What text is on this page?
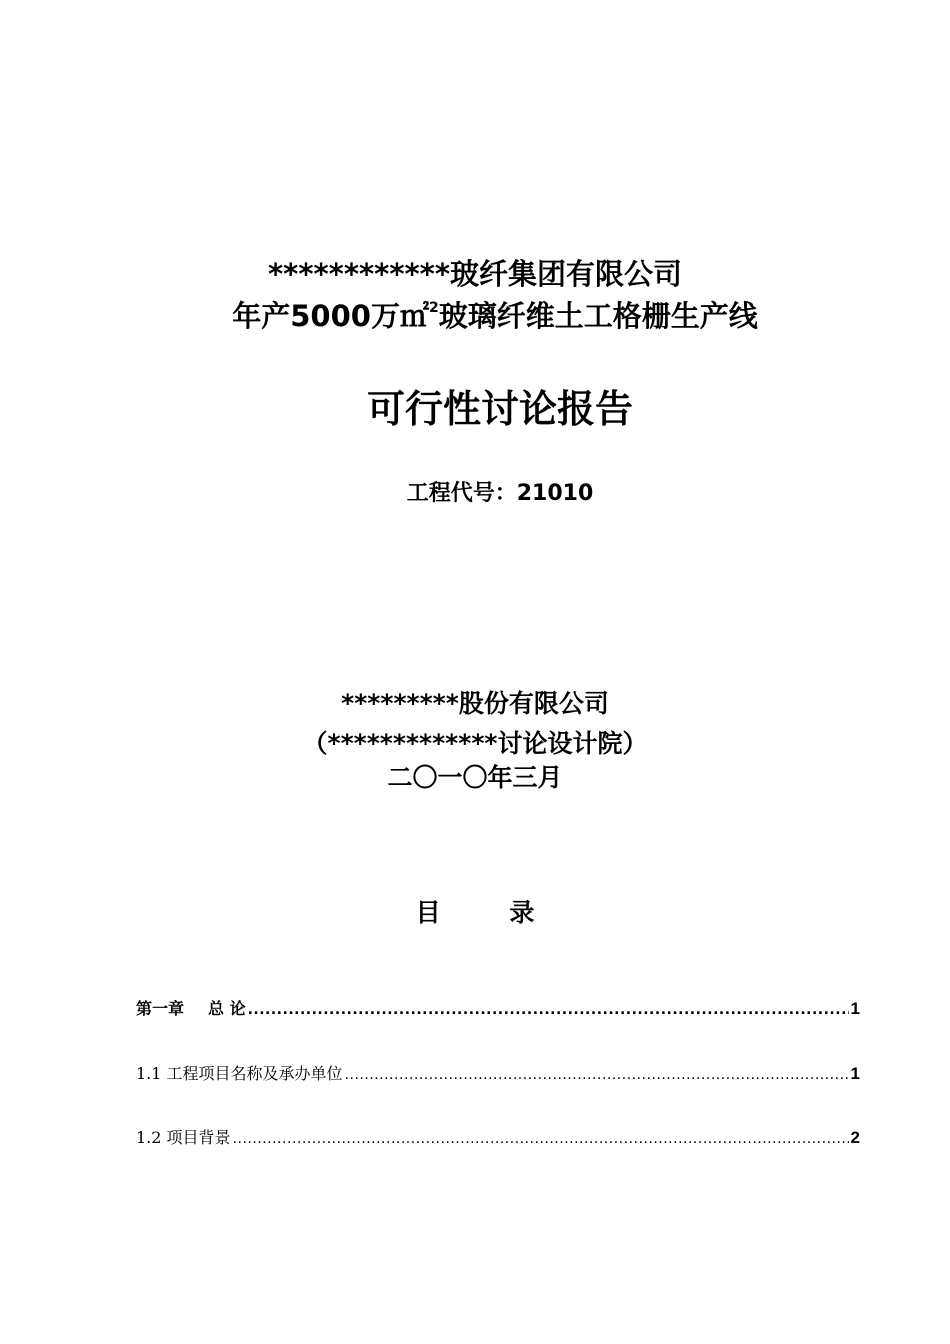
************玻纤集团有限公司
年产5000万㎡$^2$玻璃纤维土工格栅生产线
可行性讨论报告
工程代号：21010
*********股份有限公司
（*************讨论设计院）
二〇一〇年三月
目 录
第一章 总 论 .....	1
1.1 工程项目名称及承办单位 .....	1
1.2 项目背景 .....	2
